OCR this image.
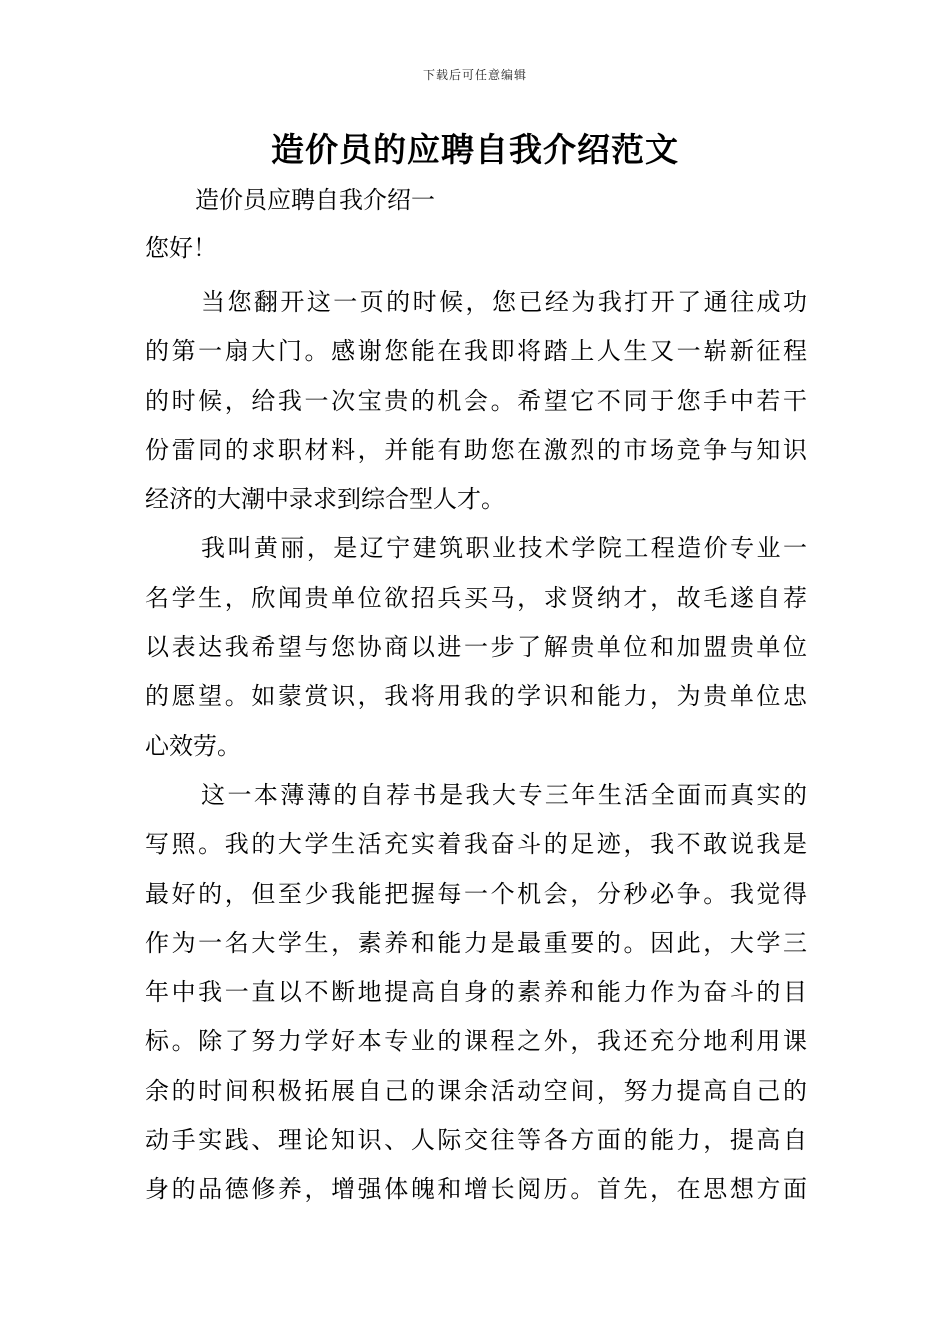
下载后可任意编辑
造价员的应聘自我介绍范文
造价员应聘自我介绍一
您好！
当您翻开这一页的时候，您已经为我打开了通往成功
的第一扇大门。感谢您能在我即将踏上人生又一崭新征程
的时候，给我一次宝贵的机会。希望它不同于您手中若干
份雷同的求职材料，并能有助您在激烈的市场竞争与知识
经济的大潮中录求到综合型人才。
我叫黄丽，是辽宁建筑职业技术学院工程造价专业一
名学生，欣闻贵单位欲招兵买马，求贤纳才，故毛遂自荐
以表达我希望与您协商以进一步了解贵单位和加盟贵单位
的愿望。如蒙赏识，我将用我的学识和能力，为贵单位忠
心效劳。
这一本薄薄的自荐书是我大专三年生活全面而真实的
写照。我的大学生活充实着我奋斗的足迹，我不敢说我是
最好的，但至少我能把握每一个机会，分秒必争。我觉得
作为一名大学生，素养和能力是最重要的。因此，大学三
年中我一直以不断地提高自身的素养和能力作为奋斗的目
标。除了努力学好本专业的课程之外，我还充分地利用课
余的时间积极拓展自己的课余活动空间，努力提高自己的
动手实践、理论知识、人际交往等各方面的能力，提高自
身的品德修养，增强体魄和增长阅历。首先，在思想方面
